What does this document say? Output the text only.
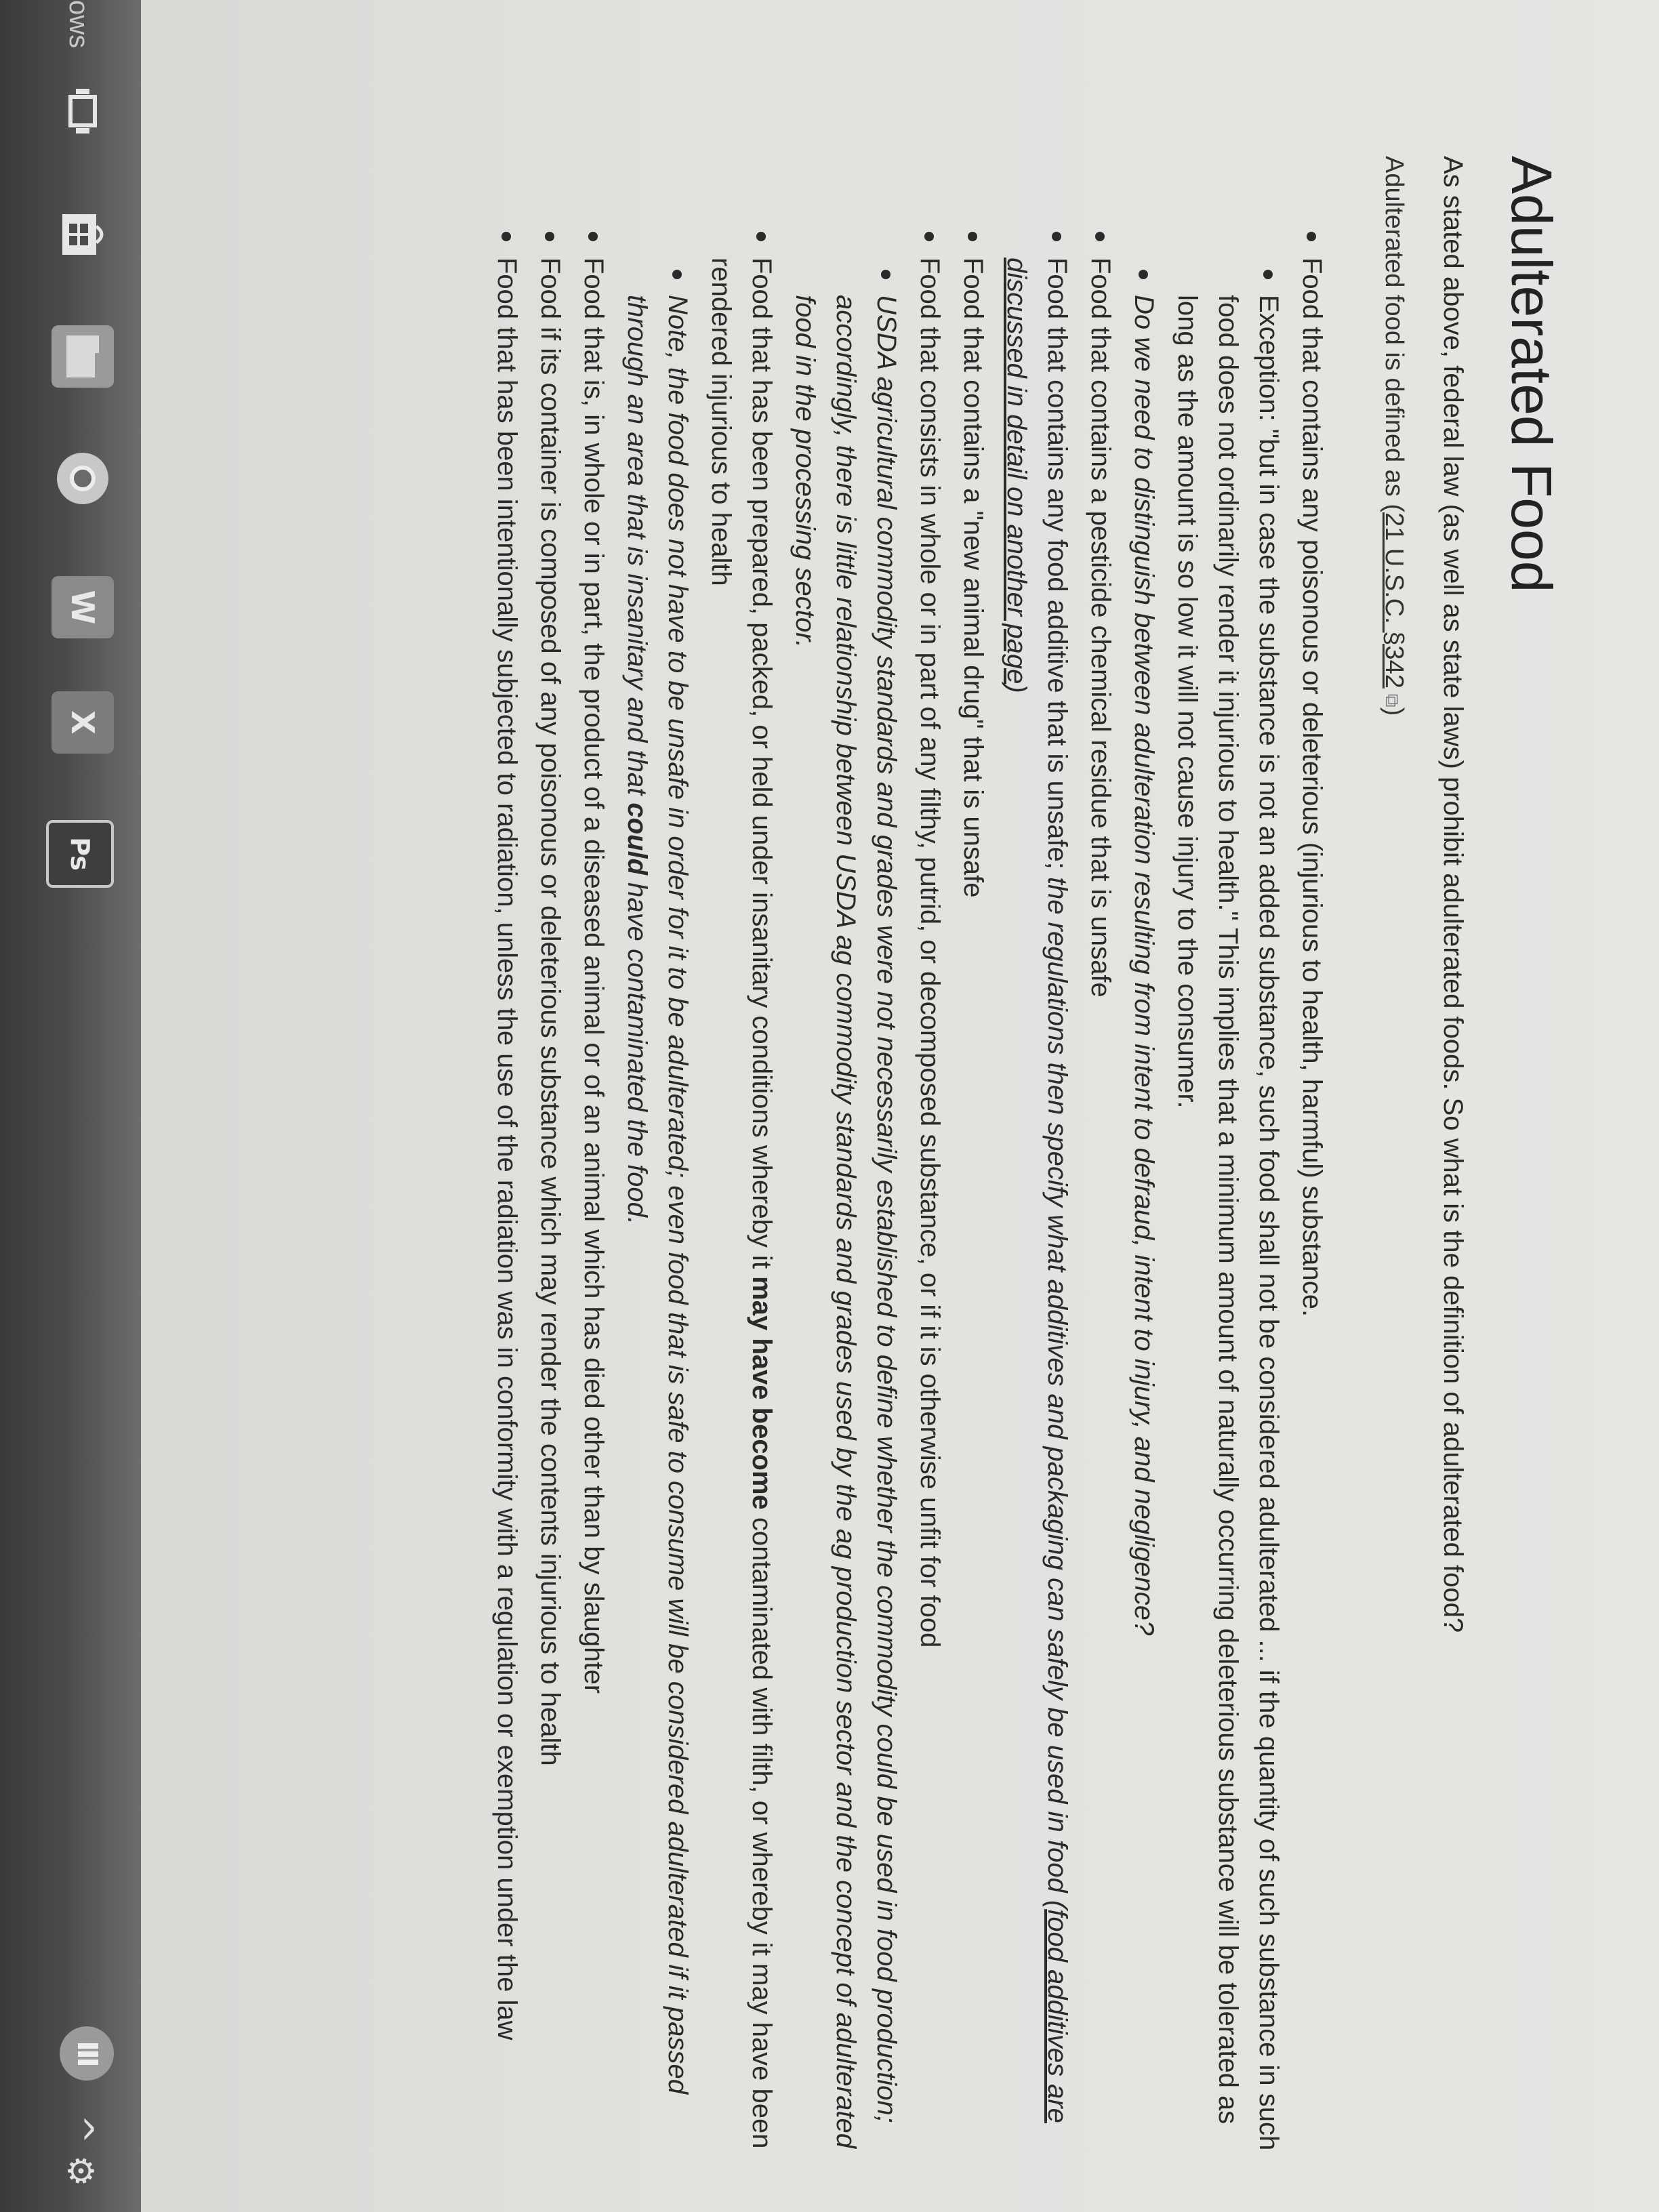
Adulterated Food

As stated above, federal law (as well as state laws) prohibit adulterated foods. So what is the definition of adulterated food?

Adulterated food is defined as (21 U.S.C. §342 ⧉)

Food that contains any poisonous or deleterious (injurious to health, harmful) substance.
Exception: "but in case the substance is not an added substance, such food shall not be considered adulterated ... if the quantity of such substance in such food does not ordinarily render it injurious to health." This implies that a minimum amount of naturally occurring deleterious substance will be tolerated as long as the amount is so low it will not cause injury to the consumer.
Do we need to distinguish between adulteration resulting from intent to defraud, intent to injury, and negligence?
Food that contains a pesticide chemical residue that is unsafe
Food that contains any food additive that is unsafe; the regulations then specify what additives and packaging can safely be used in food (food additives are discussed in detail on another page)
Food that contains a "new animal drug" that is unsafe
Food that consists in whole or in part of any filthy, putrid, or decomposed substance, or if it is otherwise unfit for food
USDA agricultural commodity standards and grades were not necessarily established to define whether the commodity could be used in food production; accordingly, there is little relationship between USDA ag commodity standards and grades used by the ag production sector and the concept of adulterated food in the processing sector.
Food that has been prepared, packed, or held under insanitary conditions whereby it may have become contaminated with filth, or whereby it may have been rendered injurious to health
Note, the food does not have to be unsafe in order for it to be adulterated; even food that is safe to consume will be considered adulterated if it passed through an area that is insanitary and that could have contaminated the food.
Food that is, in whole or in part, the product of a diseased animal or of an animal which has died other than by slaughter
Food if its container is composed of any poisonous or deleterious substance which may render the contents injurious to health
Food that has been intentionally subjected to radiation, unless the use of the radiation was in conformity with a regulation or exemption under the law
ows
W
X
Ps
^
⚙
